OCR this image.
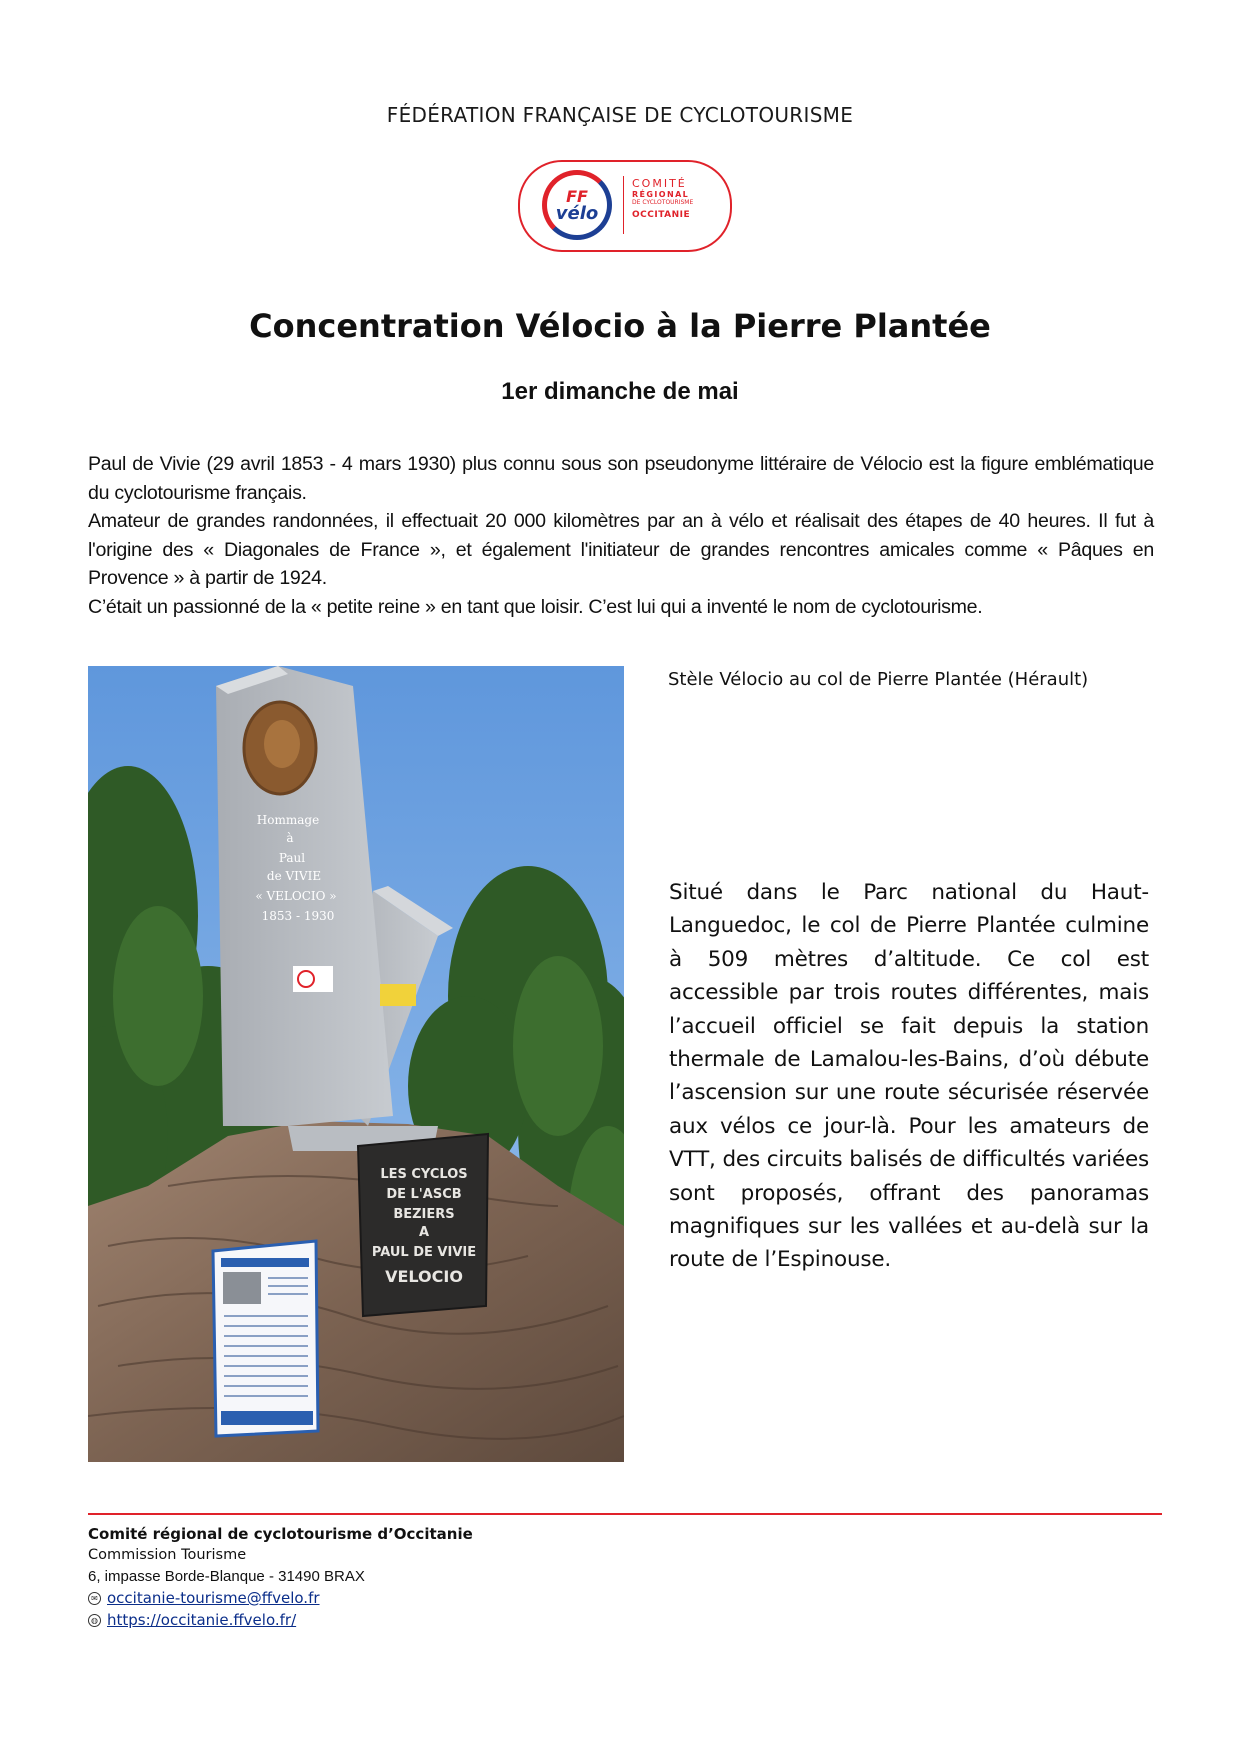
FÉDÉRATION FRANÇAISE DE CYCLOTOURISME
FF
vélo
COMITÉ
RÉGIONAL
DE CYCLOTOURISME
OCCITANIE
Concentration Vélocio à la Pierre Plantée
1er dimanche de mai

Paul de Vivie (29 avril 1853 - 4 mars 1930) plus connu sous son pseudonyme littéraire de Vélocio est la figure emblématique du cyclotourisme français.

Amateur de grandes randonnées, il effectuait 20 000 kilomètres par an à vélo et réalisait des étapes de 40 heures. Il fut à l'origine des « Diagonales de France », et également l'initiateur de grandes rencontres amicales comme « Pâques en Provence » à partir de 1924.

C’était un passionné de la « petite reine » en tant que loisir. C’est lui qui a inventé le nom de cyclotourisme.

Hommage
à
Paul
de VIVIE
« VELOCIO »
1853 - 1930
LES CYCLOS
DE L'ASCB
BEZIERS
A
PAUL DE VIVIE
VELOCIO
Stèle Vélocio au col de Pierre Plantée (Hérault)
Situé dans le Parc national du Haut-Languedoc, le col de Pierre Plantée culmine à 509 mètres d’altitude. Ce col est accessible par trois routes différentes, mais l’accueil officiel se fait depuis la station thermale de Lamalou-les-Bains, d’où débute l’ascension sur une route sécurisée réservée aux vélos ce jour-là. Pour les amateurs de VTT, des circuits balisés de difficultés variées sont proposés, offrant des panoramas magnifiques sur les vallées et au-delà sur la route de l’Espinouse.
Comité régional de cyclotourisme d’Occitanie
Commission Tourisme
6, impasse Borde-Blanque - 31490 BRAX
✉ occitanie-tourisme@ffvelo.fr
◍ https://occitanie.ffvelo.fr/
